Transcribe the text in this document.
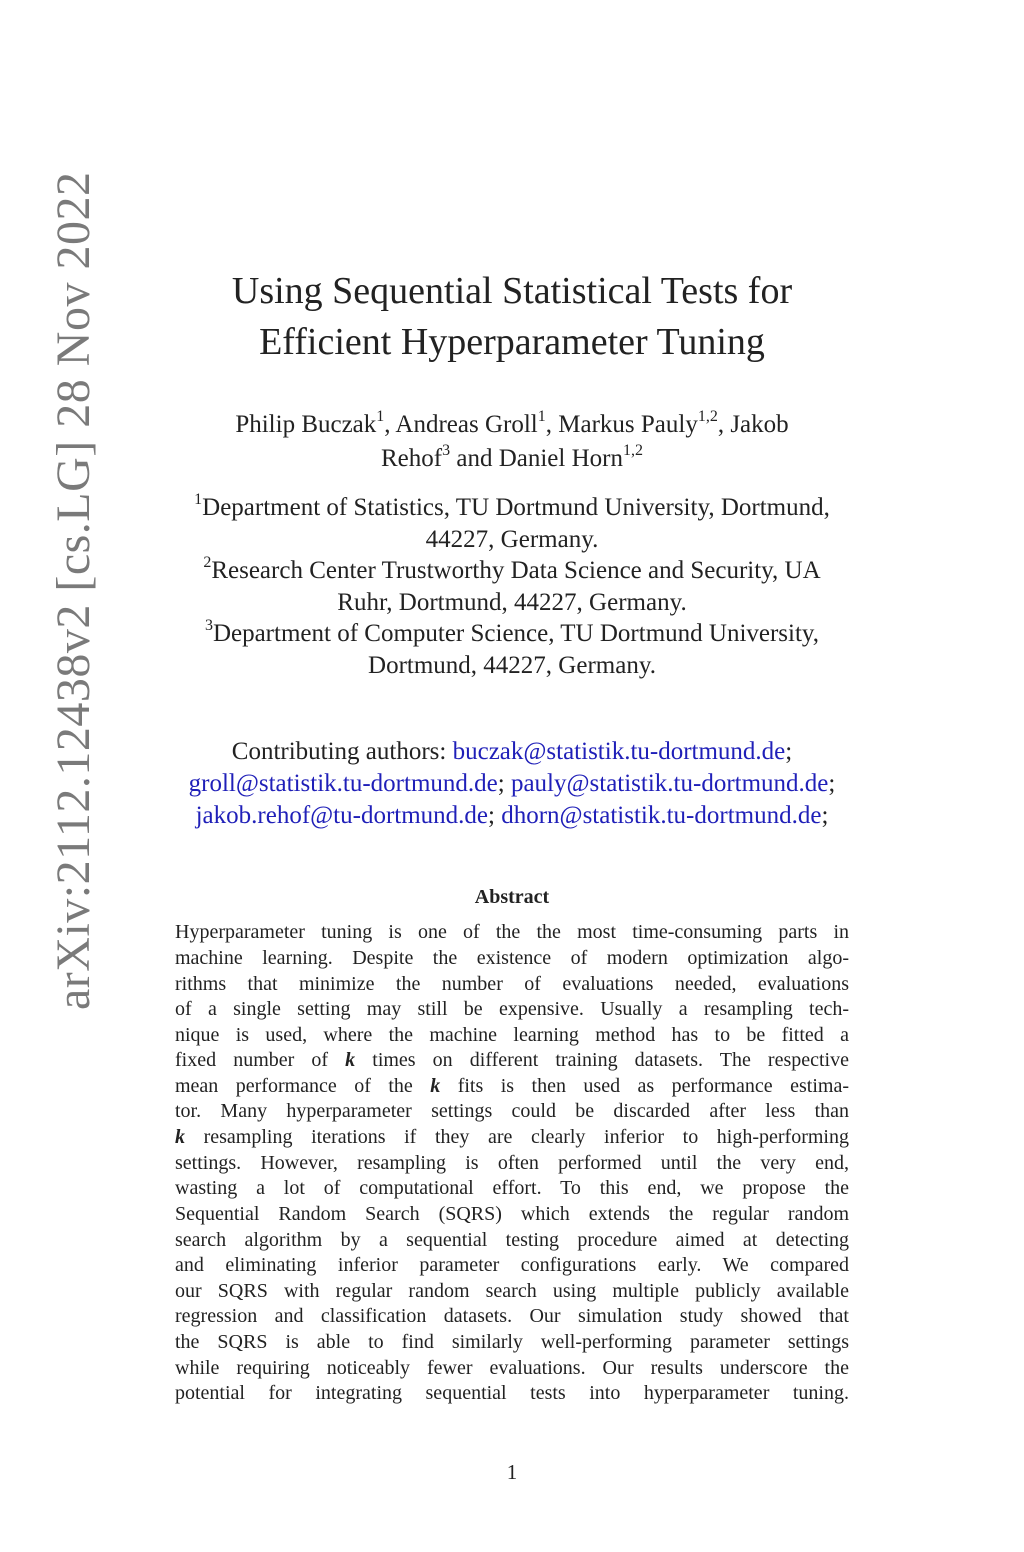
arXiv:2112.12438v2 [cs.LG] 28 Nov 2022	Using Sequential Statistical Tests for
Efficient Hyperparameter Tuning
Philip Buczak$^1$, Andreas Groll$^1$, Markus Pauly$^{1,2}$, Jakob
Rehof$^3$ and Daniel Horn$^{1,2}$
$^1$Department of Statistics, TU Dortmund University, Dortmund,
44227, Germany.
$^2$Research Center Trustworthy Data Science and Security, UA
Ruhr, Dortmund, 44227, Germany.
$^3$Department of Computer Science, TU Dortmund University,
Dortmund, 44227, Germany.
Contributing authors: buczak@statistik.tu-dortmund.de;
groll@statistik.tu-dortmund.de; pauly@statistik.tu-dortmund.de;
jakob.rehof@tu-dortmund.de; dhorn@statistik.tu-dortmund.de;
Abstract
Hyperparameter tuning is one of the the most time-consuming parts in
machine learning. Despite the existence of modern optimization algo-
rithms that minimize the number of evaluations needed, evaluations
of a single setting may still be expensive. Usually a resampling tech-
nique is used, where the machine learning method has to be fitted a
fixed number of k times on different training datasets. The respective
mean performance of the k fits is then used as performance estima-
tor. Many hyperparameter settings could be discarded after less than
k resampling iterations if they are clearly inferior to high-performing
settings. However, resampling is often performed until the very end,
wasting a lot of computational effort. To this end, we propose the
Sequential Random Search (SQRS) which extends the regular random
search algorithm by a sequential testing procedure aimed at detecting
and eliminating inferior parameter configurations early. We compared
our SQRS with regular random search using multiple publicly available
regression and classification datasets. Our simulation study showed that
the SQRS is able to find similarly well-performing parameter settings
while requiring noticeably fewer evaluations. Our results underscore the
potential for integrating sequential tests into hyperparameter tuning.
1
